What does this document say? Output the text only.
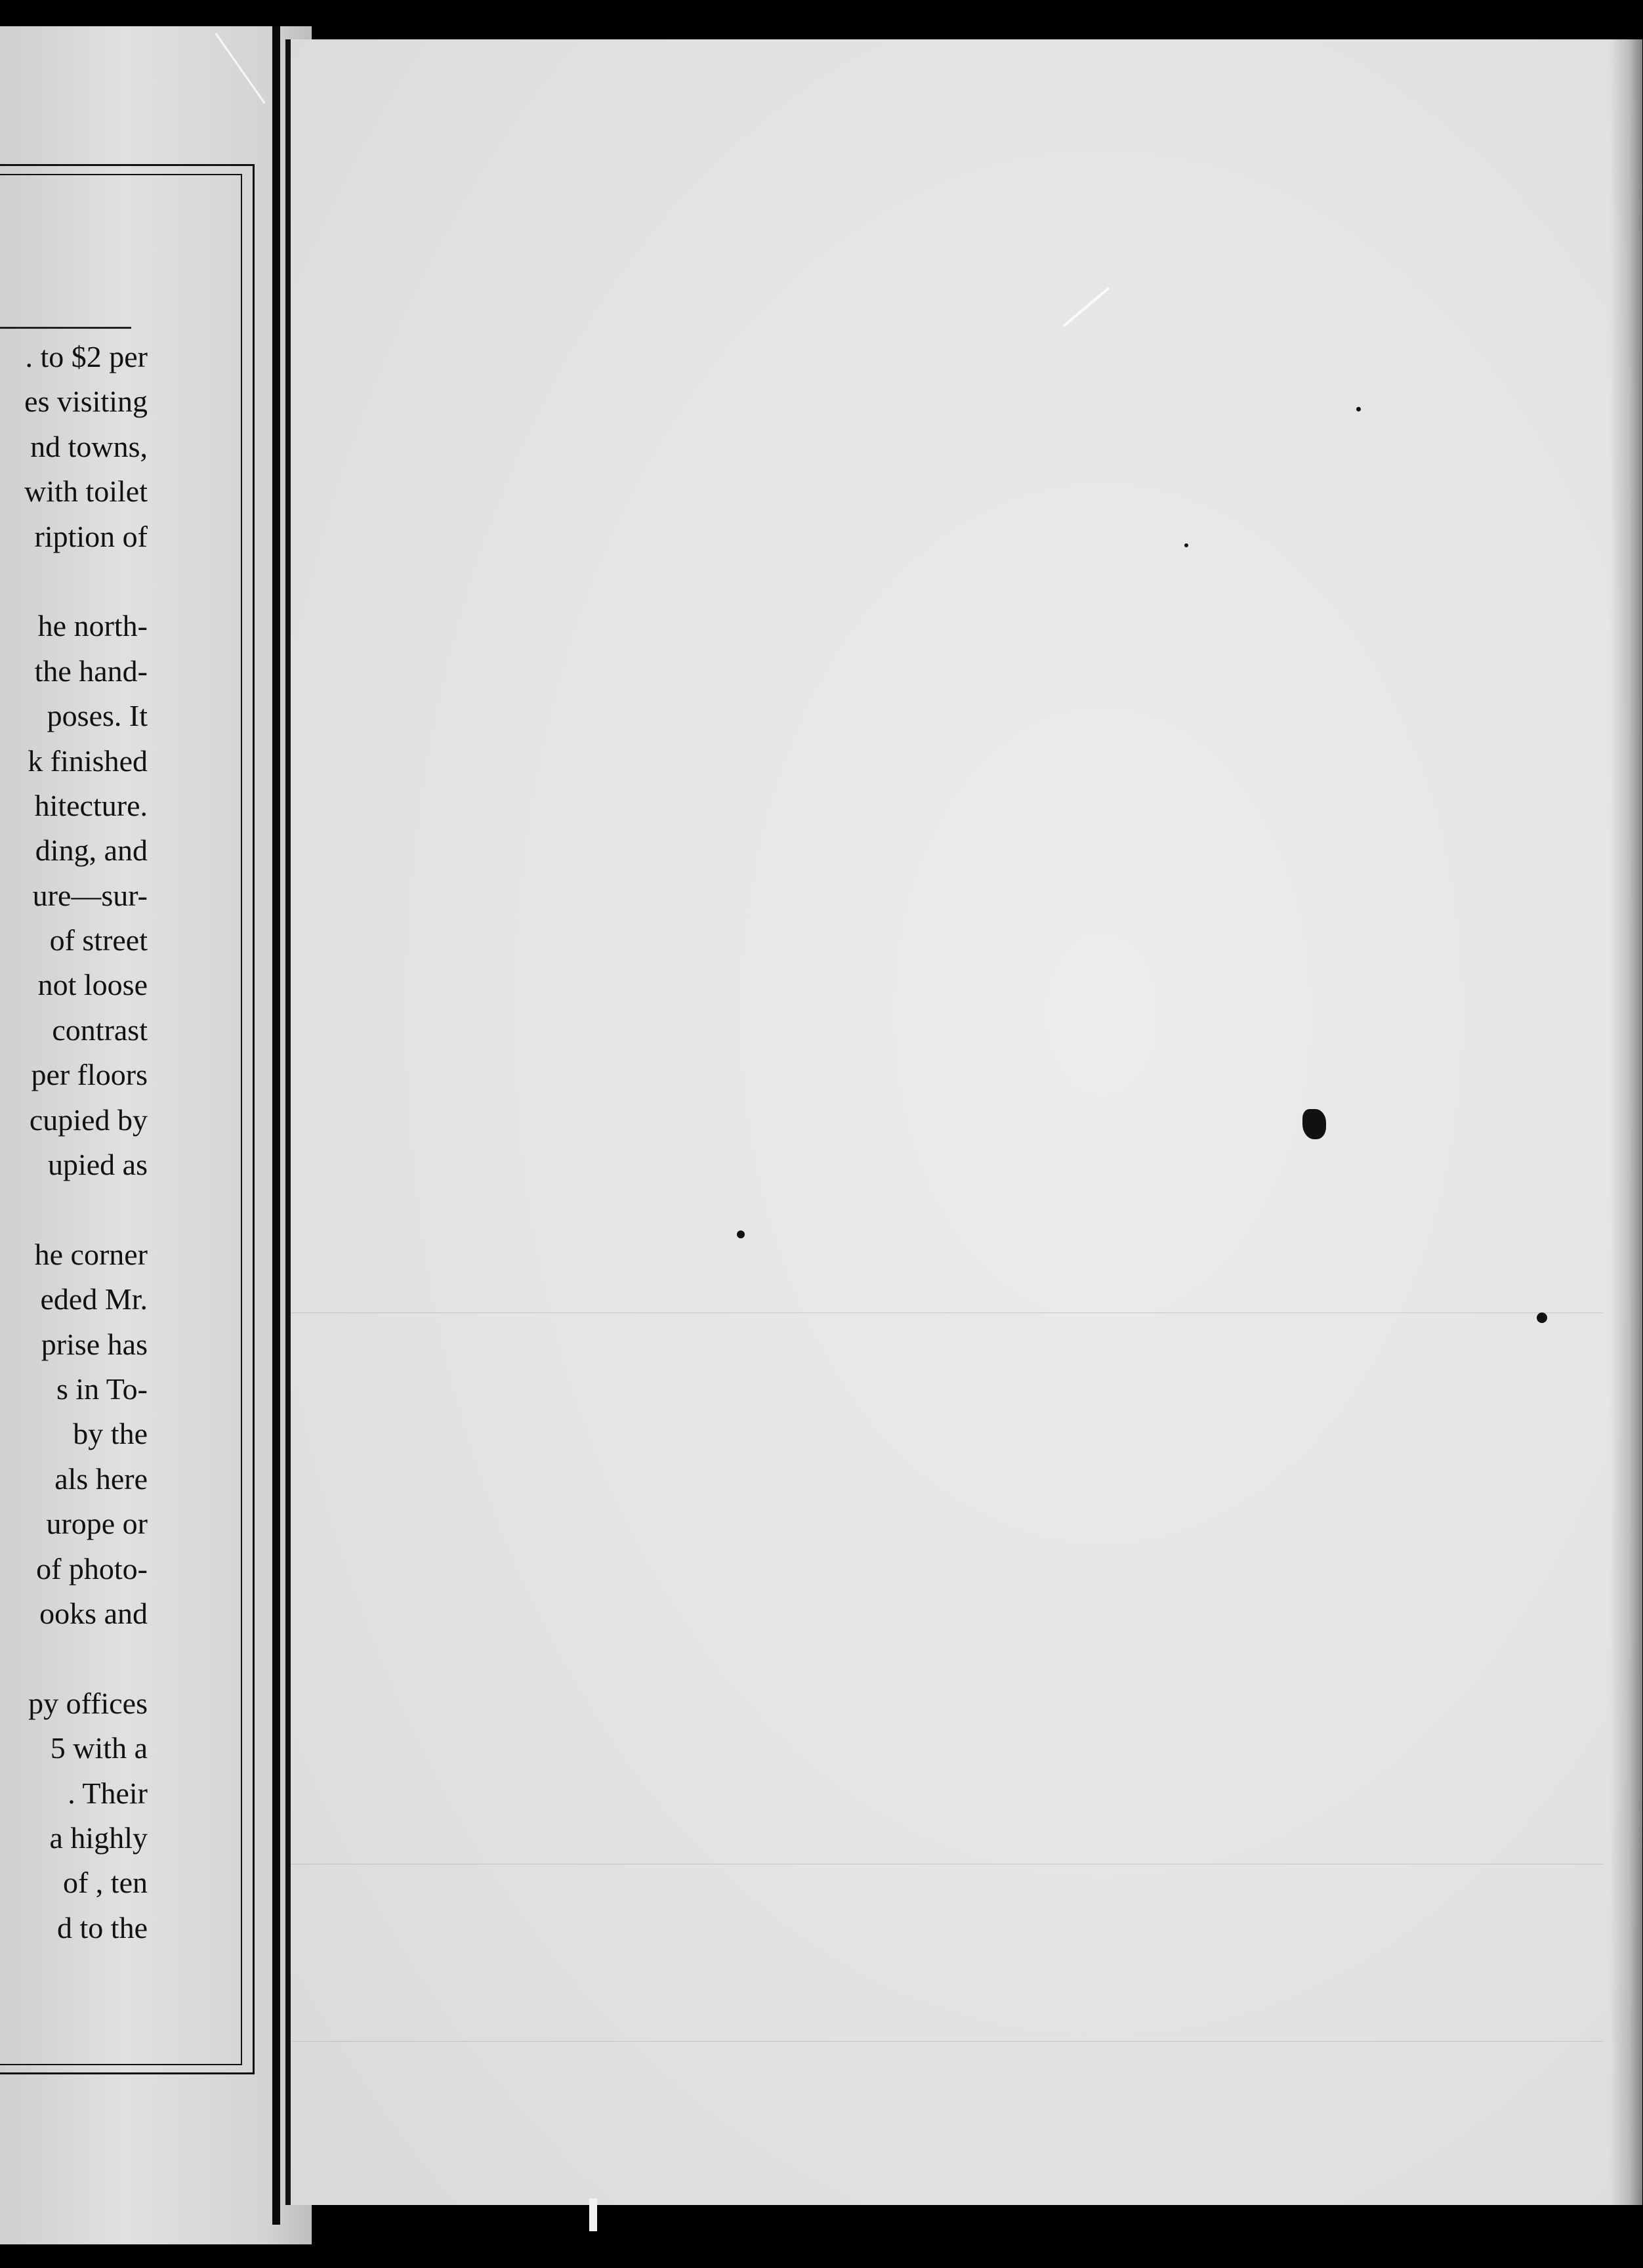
. to $2 per
es visiting
nd towns,
with toilet
ription of
he north-
the hand-
poses. It
k finished
hitecture.
ding, and
ure—sur-
of street
not loose
contrast
per floors
cupied by
upied as
he corner
eded Mr.
prise has
s in To-
by the
als here
urope or
of photo-
ooks and
py offices
5 with a
. Their
a highly
of , ten
d to the
